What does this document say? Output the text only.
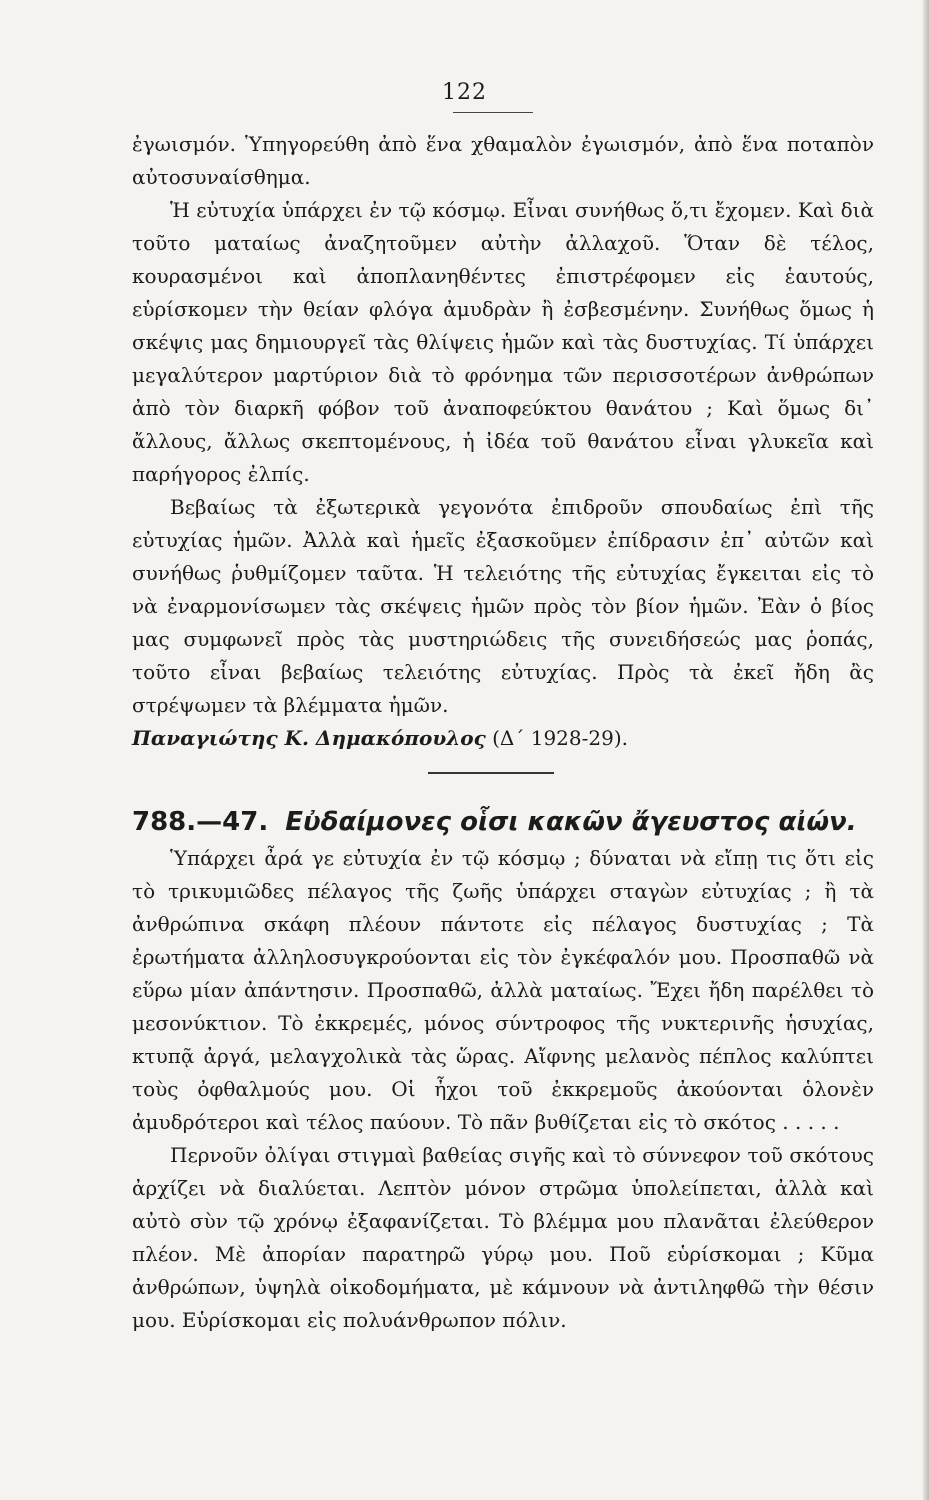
122

ἐγωισμόν. Ὑπηγορεύθη ἀπὸ ἕνα χθαμαλὸν ἐγωισμόν, ἀπὸ ἕνα ποταπὸν αὐτοσυναίσθημα.

Ἡ εὐτυχία ὑπάρχει ἐν τῷ κόσμῳ. Εἶναι συνήθως ὅ,τι ἔχομεν. Καὶ διὰ τοῦτο ματαίως ἀναζητοῦμεν αὐτὴν ἀλλαχοῦ. Ὅταν δὲ τέλος, κουρασμένοι καὶ ἀποπλανηθέντες ἐπιστρέφομεν εἰς ἑαυτούς, εὑρίσκομεν τὴν θείαν φλόγα ἀμυδρὰν ἢ ἐσβεσμένην. Συνήθως ὅμως ἡ σκέψις μας δημιουργεῖ τὰς θλίψεις ἡμῶν καὶ τὰς δυστυχίας. Τί ὑπάρχει μεγαλύτερον μαρτύριον διὰ τὸ φρόνημα τῶν περισσοτέρων ἀνθρώπων ἀπὸ τὸν διαρκῆ φόβον τοῦ ἀναποφεύκτου θανάτου ; Καὶ ὅμως δι᾽ ἄλλους, ἄλλως σκεπτομένους, ἡ ἰδέα τοῦ θανάτου εἶναι γλυκεῖα καὶ παρήγορος ἐλπίς.

Βεβαίως τὰ ἐξωτερικὰ γεγονότα ἐπιδροῦν σπουδαίως ἐπὶ τῆς εὐτυχίας ἡμῶν. Ἀλλὰ καὶ ἡμεῖς ἐξασκοῦμεν ἐπίδρασιν ἐπ᾽ αὐτῶν καὶ συνήθως ῥυθμίζομεν ταῦτα. Ἡ τελειότης τῆς εὐτυχίας ἔγκειται εἰς τὸ νὰ ἐναρμονίσωμεν τὰς σκέψεις ἡμῶν πρὸς τὸν βίον ἡμῶν. Ἐὰν ὁ βίος μας συμφωνεῖ πρὸς τὰς μυστηριώδεις τῆς συνειδήσεώς μας ῥοπάς, τοῦτο εἶναι βεβαίως τελειότης εὐτυχίας. Πρὸς τὰ ἐκεῖ ἤδη ἂς στρέψωμεν τὰ βλέμματα ἡμῶν.

Παναγιώτης Κ. Δημακόπουλος (Δ΄ 1928-29).

788.—47. Εὐδαίμονες οἷσι κακῶν ἄγευστος αἰών.

Ὑπάρχει ἆρά γε εὐτυχία ἐν τῷ κόσμῳ ; δύναται νὰ εἴπῃ τις ὅτι εἰς τὸ τρικυμιῶδες πέλαγος τῆς ζωῆς ὑπάρχει σταγὼν εὐτυχίας ; ἢ τὰ ἀνθρώπινα σκάφη πλέουν πάντοτε εἰς πέλαγος δυστυχίας ; Τὰ ἐρωτήματα ἀλληλοσυγκρούονται εἰς τὸν ἐγκέφαλόν μου. Προσπαθῶ νὰ εὕρω μίαν ἀπάντησιν. Προσπαθῶ, ἀλλὰ ματαίως. Ἔχει ἤδη παρέλθει τὸ μεσονύκτιον. Τὸ ἐκκρεμές, μόνος σύντροφος τῆς νυκτερινῆς ἡσυχίας, κτυπᾷ ἀργά, μελαγχολικὰ τὰς ὥρας. Αἴφνης μελανὸς πέπλος καλύπτει τοὺς ὀφθαλμούς μου. Οἱ ἦχοι τοῦ ἐκκρεμοῦς ἀκούονται ὁλονὲν ἀμυδρότεροι καὶ τέλος παύουν. Τὸ πᾶν βυθίζεται εἰς τὸ σκότος . . . . .

Περνοῦν ὀλίγαι στιγμαὶ βαθείας σιγῆς καὶ τὸ σύννεφον τοῦ σκότους ἀρχίζει νὰ διαλύεται. Λεπτὸν μόνον στρῶμα ὑπολείπεται, ἀλλὰ καὶ αὐτὸ σὺν τῷ χρόνῳ ἐξαφανίζεται. Τὸ βλέμμα μου πλανᾶται ἐλεύθερον πλέον. Μὲ ἀπορίαν παρατηρῶ γύρῳ μου. Ποῦ εὑρίσκομαι ; Κῦμα ἀνθρώπων, ὑψηλὰ οἰκοδομήματα, μὲ κάμνουν νὰ ἀντιληφθῶ τὴν θέσιν μου. Εὑρίσκομαι εἰς πολυάνθρωπον πόλιν.
